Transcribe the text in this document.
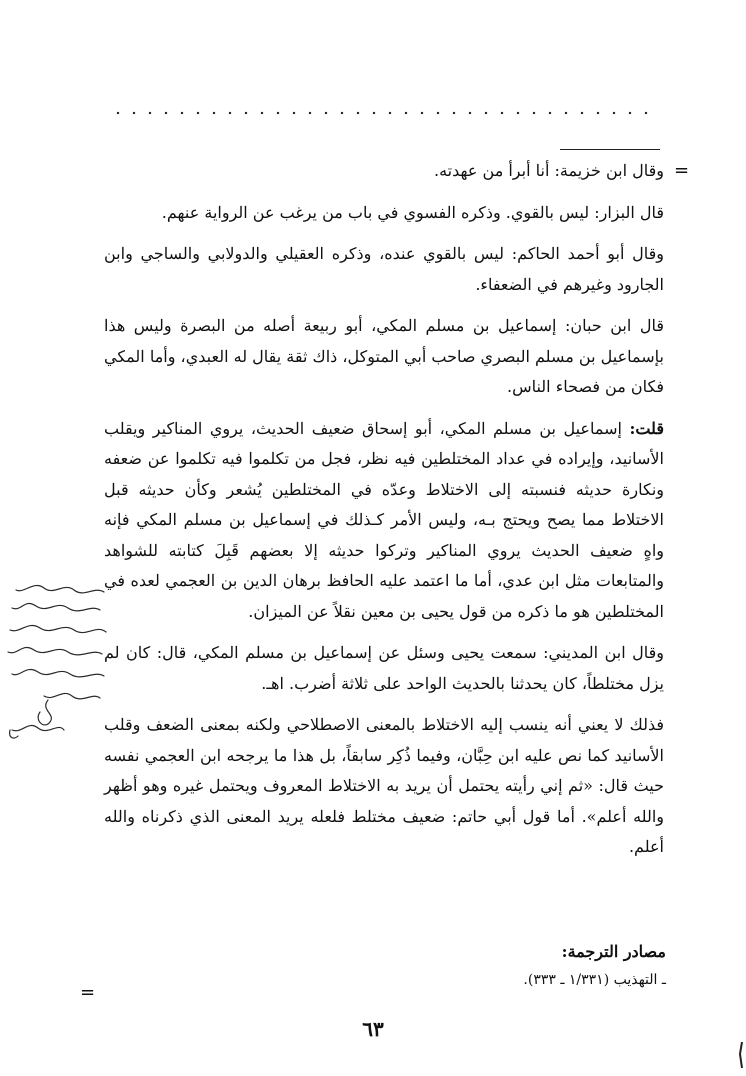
=

وقال ابن خزيمة: أنا أبرأ من عهدته.

قال البزار: ليس بالقوي. وذكره الفسوي في باب من يرغب عن الرواية عنهم.

وقال أبو أحمد الحاكم: ليس بالقوي عنده، وذكره العقيلي والدولابي والساجي وابن الجارود وغيرهم في الضعفاء.

قال ابن حبان: إسماعيل بن مسلم المكي، أبو ربيعة أصله من البصرة وليس هذا بإسماعيل بن مسلم البصري صاحب أبي المتوكل، ذاك ثقة يقال له العبدي، وأما المكي فكان من فصحاء الناس.

قلت: إسماعيل بن مسلم المكي، أبو إسحاق ضعيف الحديث، يروي المناكير ويقلب الأسانيد، وإيراده في عداد المختلطين فيه نظر، فجل من تكلموا فيه تكلموا عن ضعفه ونكارة حديثه فنسبته إلى الاختلاط وعدّه في المختلطين يُشعر وكأن حديثه قبل الاختلاط مما يصح ويحتج بـه، وليس الأمر كـذلك في إسماعيل بن مسلم المكي فإنه واهٍ ضعيف الحديث يروي المناكير وتركوا حديثه إلا بعضهم قَبِلَ كتابته للشواهد والمتابعات مثل ابن عدي، أما ما اعتمد عليه الحافظ برهان الدين بن العجمي لعده في المختلطين هو ما ذكره من قول يحيى بن معين نقلاً عن الميزان.

وقال ابن المديني: سمعت يحيى وسئل عن إسماعيل بن مسلم المكي، قال: كان لم يزل مختلطاً، كان يحدثنا بالحديث الواحد على ثلاثة أضرب. اهـ.

فذلك لا يعني أنه ينسب إليه الاختلاط بالمعنى الاصطلاحي ولكنه بمعنى الضعف وقلب الأسانيد كما نص عليه ابن حِبَّان، وفيما ذُكِر سابقاً، بل هذا ما يرجحه ابن العجمي نفسه حيث قال: «ثم إني رأيته يحتمل أن يريد به الاختلاط المعروف ويحتمل غيره وهو أظهر والله أعلم». أما قول أبي حاتم: ضعيف مختلط فلعله يريد المعنى الذي ذكرناه والله أعلم.

مصادر الترجمة:
ـ التهذيب (١/٣٣١ ـ ٣٣٣).
=
٦٣
